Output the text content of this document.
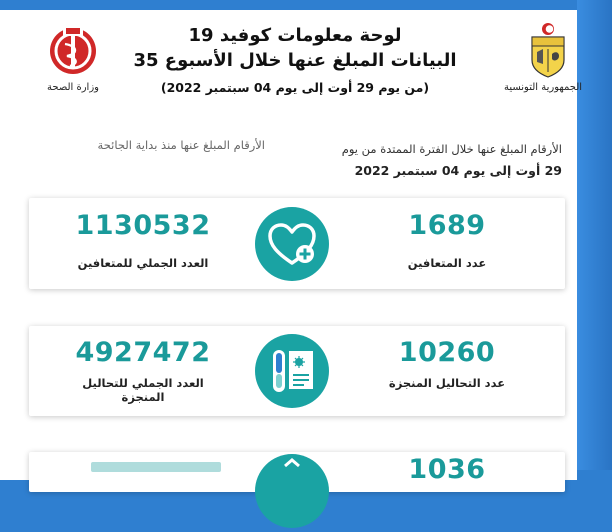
وزارة الصحة
لوحة معلومات كوفيد 19
البيانات المبلغ عنها خلال الأسبوع 35
(من يوم 29 أوت إلى يوم 04 سبتمبر 2022)	الجمهورية التونسية
الأرقام المبلغ عنها منذ بداية الجائحة	الأرقام المبلغ عنها خلال الفترة الممتدة من يوم
29 أوت إلى يوم 04 سبتمبر 2022
1130532
العدد الجملي للمتعافين
1689
عدد المتعافين
4927472
العدد الجملي للتحاليل المنجزة
10260
عدد التحاليل المنجزة
1036
